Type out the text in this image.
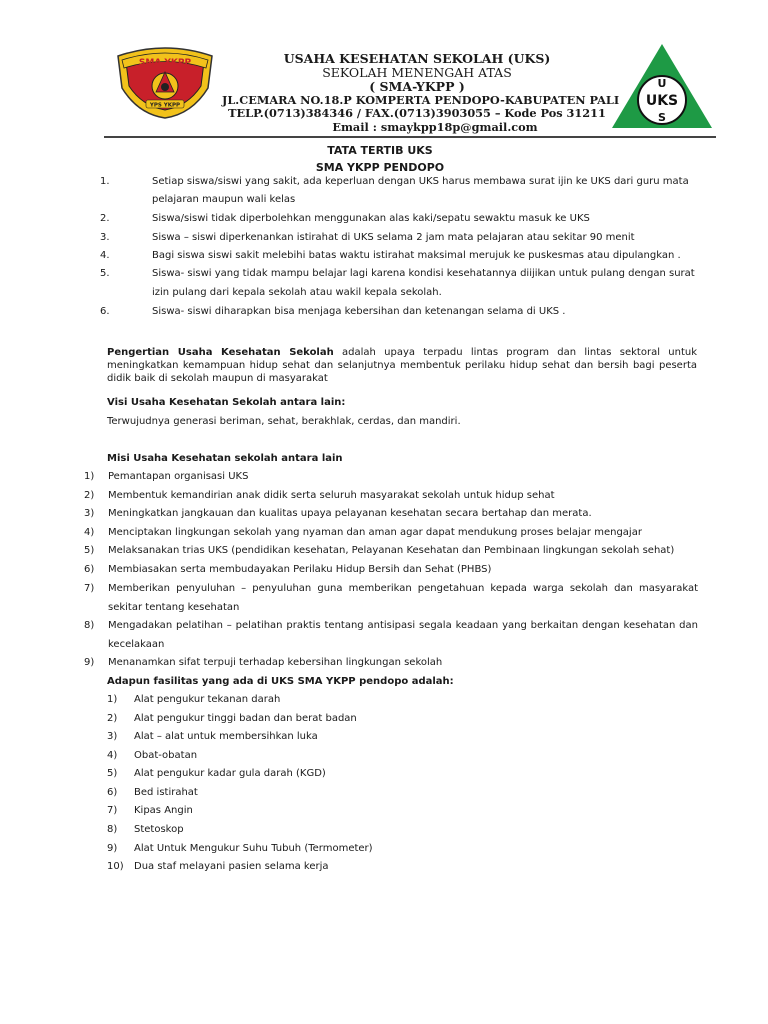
SMA YKPP
YPS YKPP
USAHA KESEHATAN SEKOLAH (UKS)
SEKOLAH MENENGAH ATAS
( SMA-YKPP )
JL.CEMARA NO.18.P KOMPERTA PENDOPO-KABUPATEN PALI
TELP.(0713)384346 / FAX.(0713)3903055 – Kode Pos 31211
Email : smaykpp18p@gmail.com
U
UKS
S
TATA TERTIB UKS
SMA YKPP PENDOPO
1.	Setiap siswa/siswi yang sakit, ada keperluan dengan UKS harus membawa surat ijin ke UKS dari guru mata
pelajaran maupun wali kelas
2.	Siswa/siswi tidak diperbolehkan menggunakan alas kaki/sepatu sewaktu masuk ke UKS
3.	Siswa – siswi diperkenankan istirahat di UKS selama 2 jam mata pelajaran atau sekitar 90 menit
4.	Bagi siswa siswi sakit melebihi batas waktu istirahat maksimal merujuk ke puskesmas atau dipulangkan .
5.	Siswa- siswi yang tidak mampu belajar lagi karena kondisi kesehatannya diijikan untuk pulang dengan surat
izin pulang dari kepala sekolah atau wakil kepala sekolah.
6.	Siswa- siswi diharapkan bisa menjaga kebersihan dan ketenangan selama di UKS .
Pengertian Usaha Kesehatan Sekolah adalah upaya terpadu lintas program dan lintas sektoral untuk meningkatkan kemampuan hidup sehat dan selanjutnya membentuk perilaku hidup sehat dan bersih bagi peserta didik baik di sekolah maupun di masyarakat
Visi Usaha Kesehatan Sekolah antara lain:
Terwujudnya generasi beriman, sehat, berakhlak, cerdas, dan mandiri.
Misi Usaha Kesehatan sekolah antara lain
1) Pemantapan organisasi UKS
2) Membentuk kemandirian anak didik serta seluruh masyarakat sekolah untuk hidup sehat
3) Meningkatkan jangkauan dan kualitas upaya pelayanan kesehatan secara bertahap dan merata.
4) Menciptakan lingkungan sekolah yang nyaman dan aman agar dapat mendukung proses belajar mengajar
5) Melaksanakan trias UKS (pendidikan kesehatan, Pelayanan Kesehatan dan Pembinaan lingkungan sekolah sehat)
6) Membiasakan serta membudayakan Perilaku Hidup Bersih dan Sehat (PHBS)
7) Memberikan penyuluhan – penyuluhan guna memberikan pengetahuan kepada warga sekolah dan masyarakat
sekitar tentang kesehatan
8) Mengadakan pelatihan – pelatihan praktis tentang antisipasi segala keadaan yang berkaitan dengan kesehatan dan
kecelakaan
9) Menanamkan sifat terpuji terhadap kebersihan lingkungan sekolah
Adapun fasilitas yang ada di UKS SMA YKPP pendopo adalah:
1) Alat pengukur tekanan darah
2) Alat pengukur tinggi badan dan berat badan
3) Alat – alat untuk membersihkan luka
4) Obat-obatan
5) Alat pengukur kadar gula darah (KGD)
6) Bed istirahat
7) Kipas Angin
8) Stetoskop
9) Alat Untuk Mengukur Suhu Tubuh (Termometer)
10) Dua staf melayani pasien selama kerja
